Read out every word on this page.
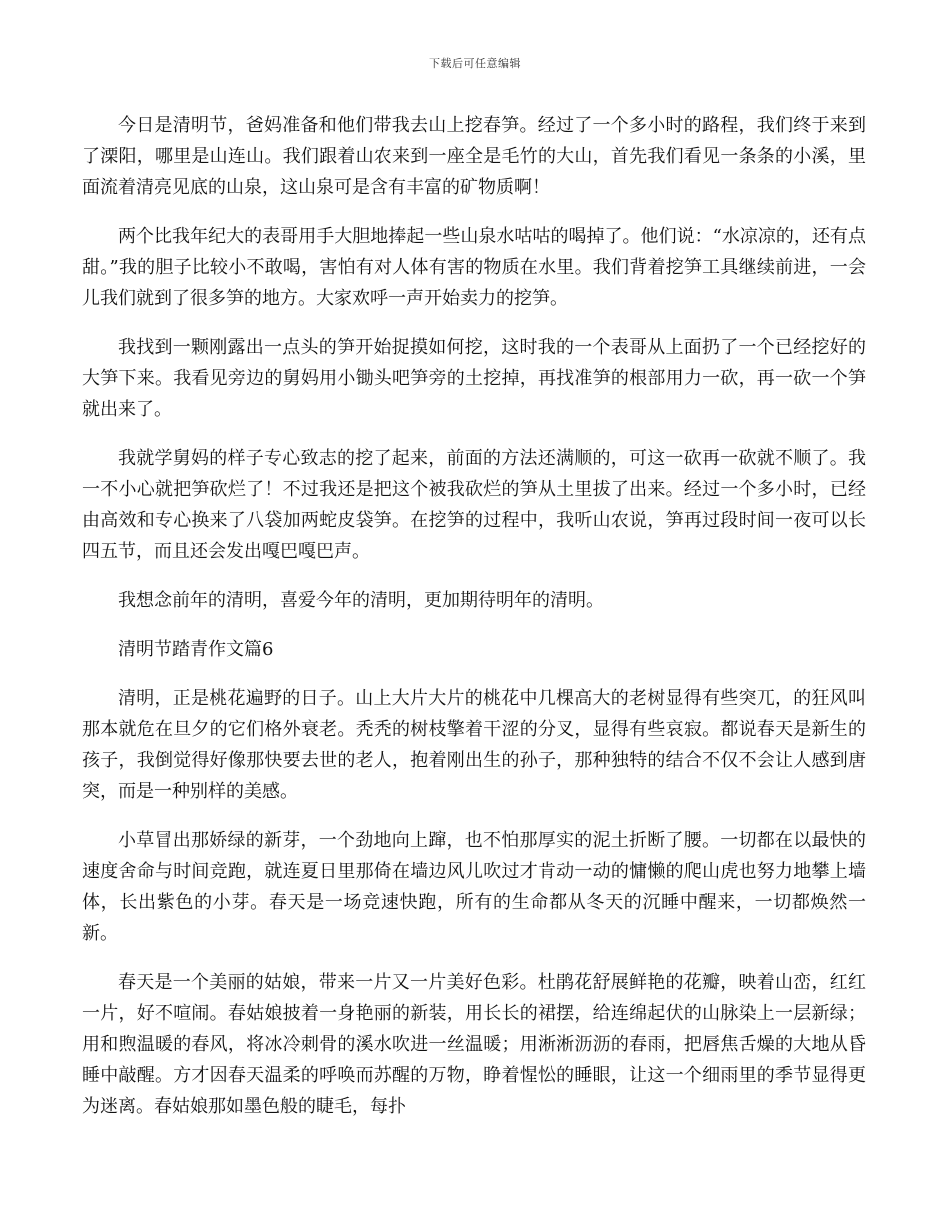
下载后可任意编辑

今日是清明节，爸妈准备和他们带我去山上挖春笋。经过了一个多小时的路程，我们终于来到了溧阳，哪里是山连山。我们跟着山农来到一座全是毛竹的大山，首先我们看见一条条的小溪，里面流着清亮见底的山泉，这山泉可是含有丰富的矿物质啊！

两个比我年纪大的表哥用手大胆地捧起一些山泉水咕咕的喝掉了。他们说：“水凉凉的，还有点甜。”我的胆子比较小不敢喝，害怕有对人体有害的物质在水里。我们背着挖笋工具继续前进，一会儿我们就到了很多笋的地方。大家欢呼一声开始卖力的挖笋。

我找到一颗刚露出一点头的笋开始捉摸如何挖，这时我的一个表哥从上面扔了一个已经挖好的大笋下来。我看见旁边的舅妈用小锄头吧笋旁的土挖掉，再找准笋的根部用力一砍，再一砍一个笋就出来了。

我就学舅妈的样子专心致志的挖了起来，前面的方法还满顺的，可这一砍再一砍就不顺了。我一不小心就把笋砍烂了！不过我还是把这个被我砍烂的笋从土里拔了出来。经过一个多小时，已经由高效和专心换来了八袋加两蛇皮袋笋。在挖笋的过程中，我听山农说，笋再过段时间一夜可以长四五节，而且还会发出嘎巴嘎巴声。

我想念前年的清明，喜爱今年的清明，更加期待明年的清明。

清明节踏青作文篇6

清明，正是桃花遍野的日子。山上大片大片的桃花中几棵高大的老树显得有些突兀，的狂风叫那本就危在旦夕的它们格外衰老。秃秃的树枝擎着干涩的分叉，显得有些哀寂。都说春天是新生的孩子，我倒觉得好像那快要去世的老人，抱着刚出生的孙子，那种独特的结合不仅不会让人感到唐突，而是一种别样的美感。

小草冒出那娇绿的新芽，一个劲地向上蹿，也不怕那厚实的泥土折断了腰。一切都在以最快的速度舍命与时间竞跑，就连夏日里那倚在墙边风儿吹过才肯动一动的慵懒的爬山虎也努力地攀上墙体，长出紫色的小芽。春天是一场竞速快跑，所有的生命都从冬天的沉睡中醒来，一切都焕然一新。

春天是一个美丽的姑娘，带来一片又一片美好色彩。杜鹃花舒展鲜艳的花瓣，映着山峦，红红一片，好不喧闹。春姑娘披着一身艳丽的新装，用长长的裙摆，给连绵起伏的山脉染上一层新绿；用和煦温暖的春风，将冰冷刺骨的溪水吹进一丝温暖；用淅淅沥沥的春雨，把唇焦舌燥的大地从昏睡中敲醒。方才因春天温柔的呼唤而苏醒的万物，睁着惺忪的睡眼，让这一个细雨里的季节显得更为迷离。春姑娘那如墨色般的睫毛，每扑
